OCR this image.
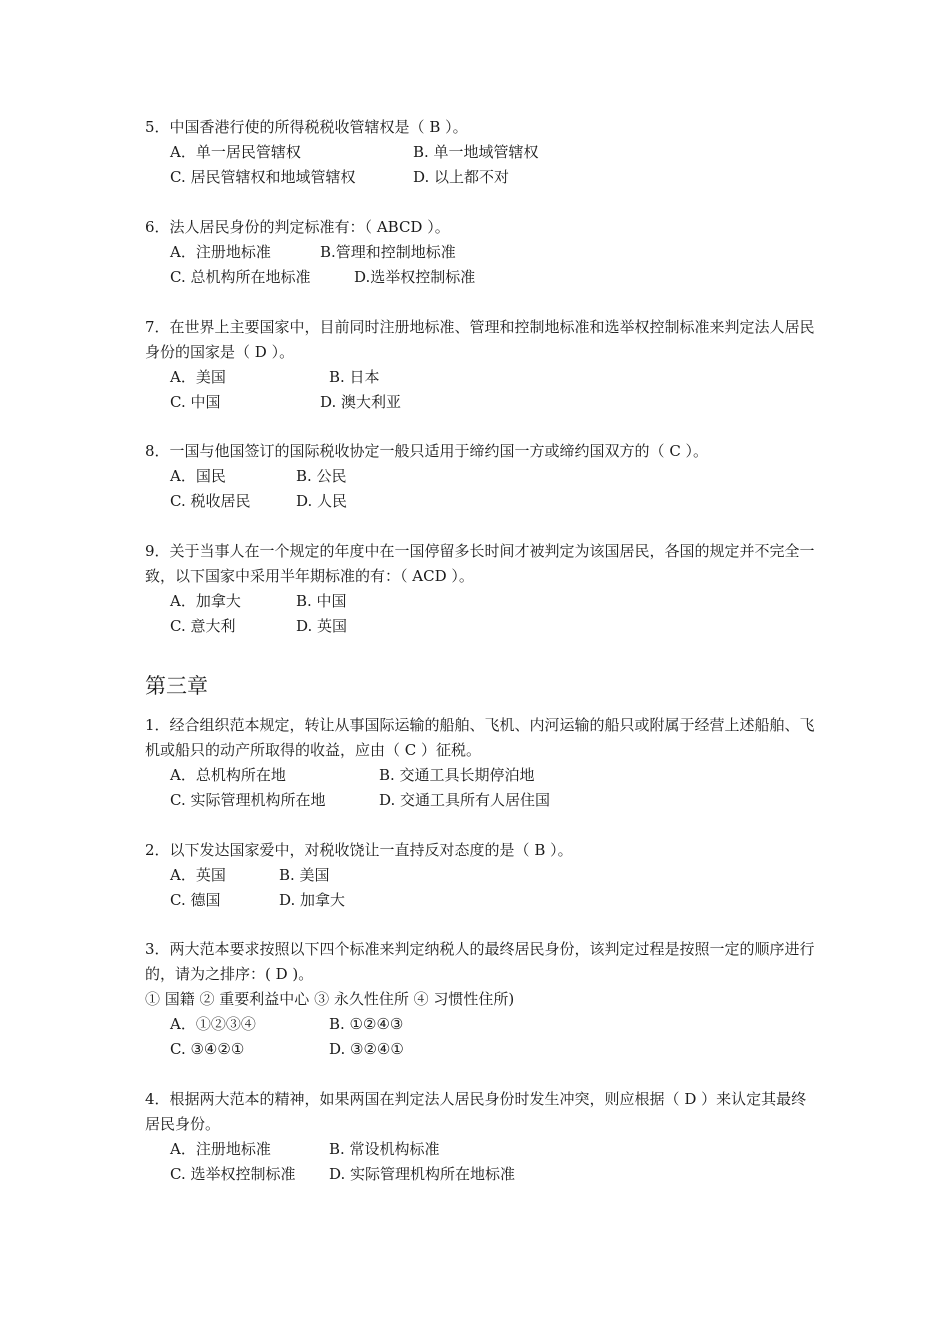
5．中国香港行使的所得税税收管辖权是（ B ）。
A．单一居民管辖权	B. 单一地域管辖权
C. 居民管辖权和地域管辖权	D. 以上都不对
6．法人居民身份的判定标准有：（ ABCD ）。
A．注册地标准	B.管理和控制地标准
C. 总机构所在地标准	D.选举权控制标准
7．在世界上主要国家中，目前同时注册地标准、管理和控制地标准和选举权控制标准来判定法人居民身份的国家是（ D ）。
A．美国	B. 日本
C. 中国	D. 澳大利亚
8．一国与他国签订的国际税收协定一般只适用于缔约国一方或缔约国双方的（ C ）。
A．国民	B. 公民
C. 税收居民	D. 人民
9．关于当事人在一个规定的年度中在一国停留多长时间才被判定为该国居民，各国的规定并不完全一致，以下国家中采用半年期标准的有：（ ACD ）。
A．加拿大	B. 中国
C. 意大利	D. 英国
第三章
1．经合组织范本规定，转让从事国际运输的船舶、飞机、内河运输的船只或附属于经营上述船舶、飞机或船只的动产所取得的收益，应由（ C ）征税。
A．总机构所在地	B. 交通工具长期停泊地
C. 实际管理机构所在地	D. 交通工具所有人居住国
2．以下发达国家爱中，对税收饶让一直持反对态度的是（ B ）。
A．英国	B. 美国
C. 德国	D. 加拿大
3．两大范本要求按照以下四个标准来判定纳税人的最终居民身份，该判定过程是按照一定的顺序进行的，请为之排序：( D )。
① 国籍 ② 重要利益中心 ③ 永久性住所 ④ 习惯性住所)
A．①②③④	B. ①②④③
C. ③④②①	D. ③②④①
4．根据两大范本的精神，如果两国在判定法人居民身份时发生冲突，则应根据（ D ）来认定其最终居民身份。
A．注册地标准	B. 常设机构标准
C. 选举权控制标准 D. 实际管理机构所在地标准
